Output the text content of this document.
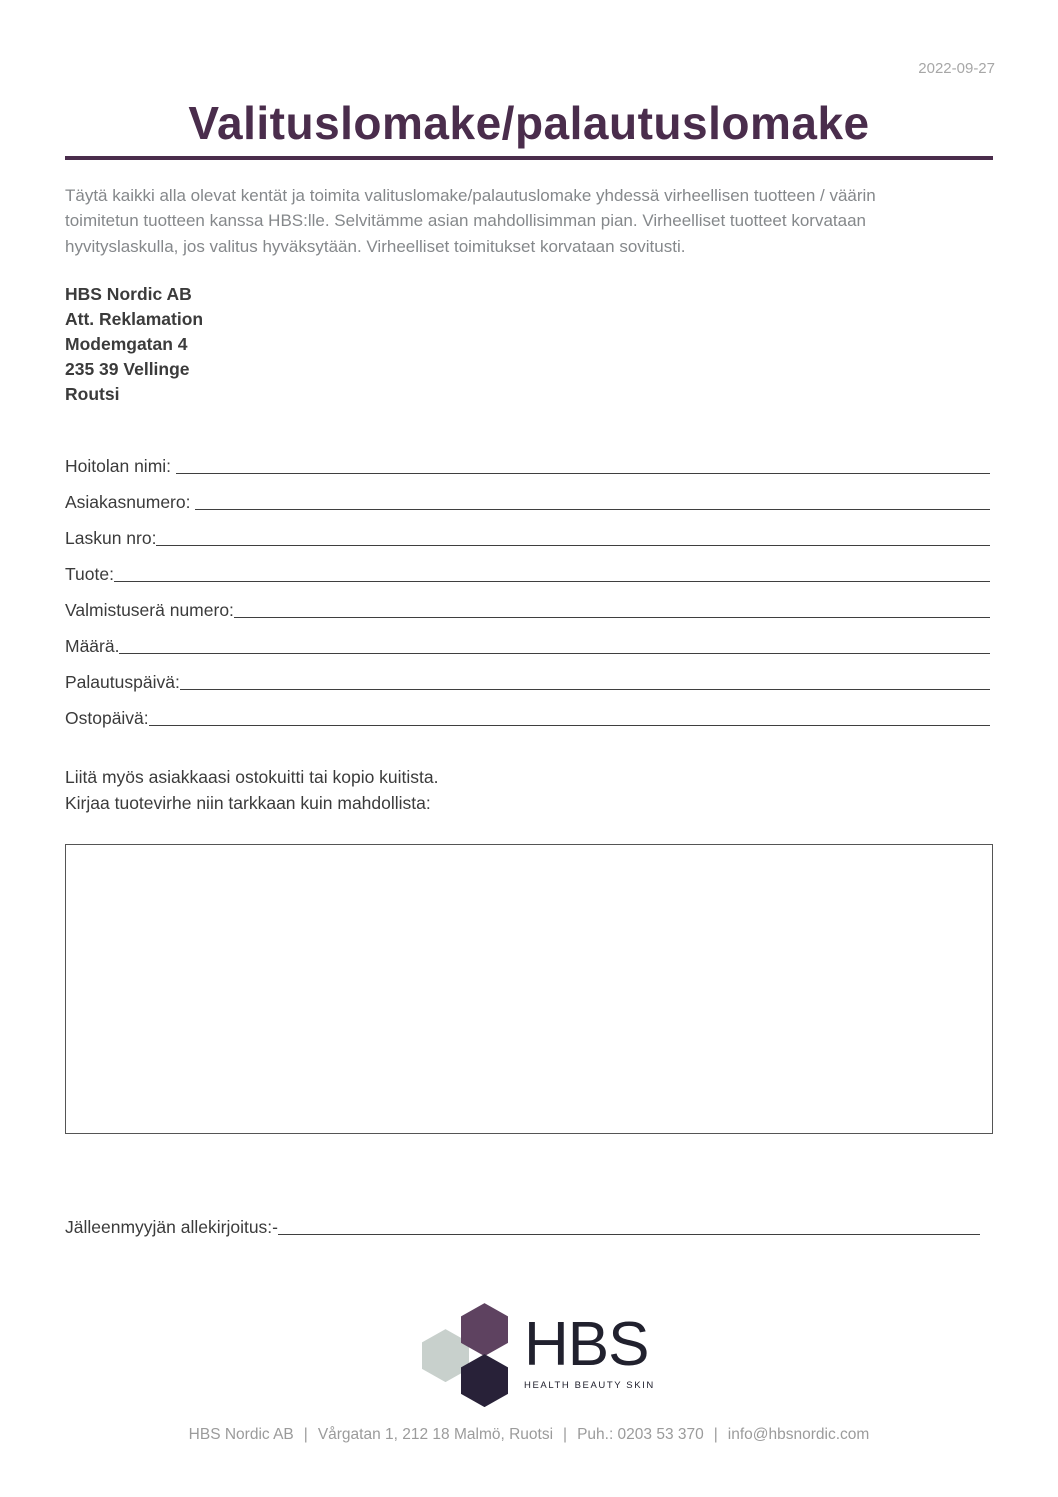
2022-09-27
Valituslomake/palautuslomake

Täytä kaikki alla olevat kentät ja toimita valituslomake/palautuslomake yhdessä virheellisen tuotteen / väärin toimitetun tuotteen kanssa HBS:lle. Selvitämme asian mahdollisimman pian. Virheelliset tuotteet korvataan hyvityslaskulla, jos valitus hyväksytään. Virheelliset toimitukset korvataan sovitusti.

HBS Nordic AB
Att. Reklamation
Modemgatan 4
235 39 Vellinge
Routsi
Hoitolan nimi:
Asiakasnumero:
Laskun nro:
Tuote:
Valmistuserä numero:
Määrä.
Palautuspäivä:
Ostopäivä:
Liitä myös asiakkaasi ostokuitti tai kopio kuitista.
Kirjaa tuotevirhe niin tarkkaan kuin mahdollista:
Jälleenmyyjän allekirjoitus:-
HBS
HEALTH BEAUTY SKIN
HBS Nordic AB | Vårgatan 1, 212 18 Malmö, Ruotsi | Puh.: 0203 53 370 | info@hbsnordic.com
